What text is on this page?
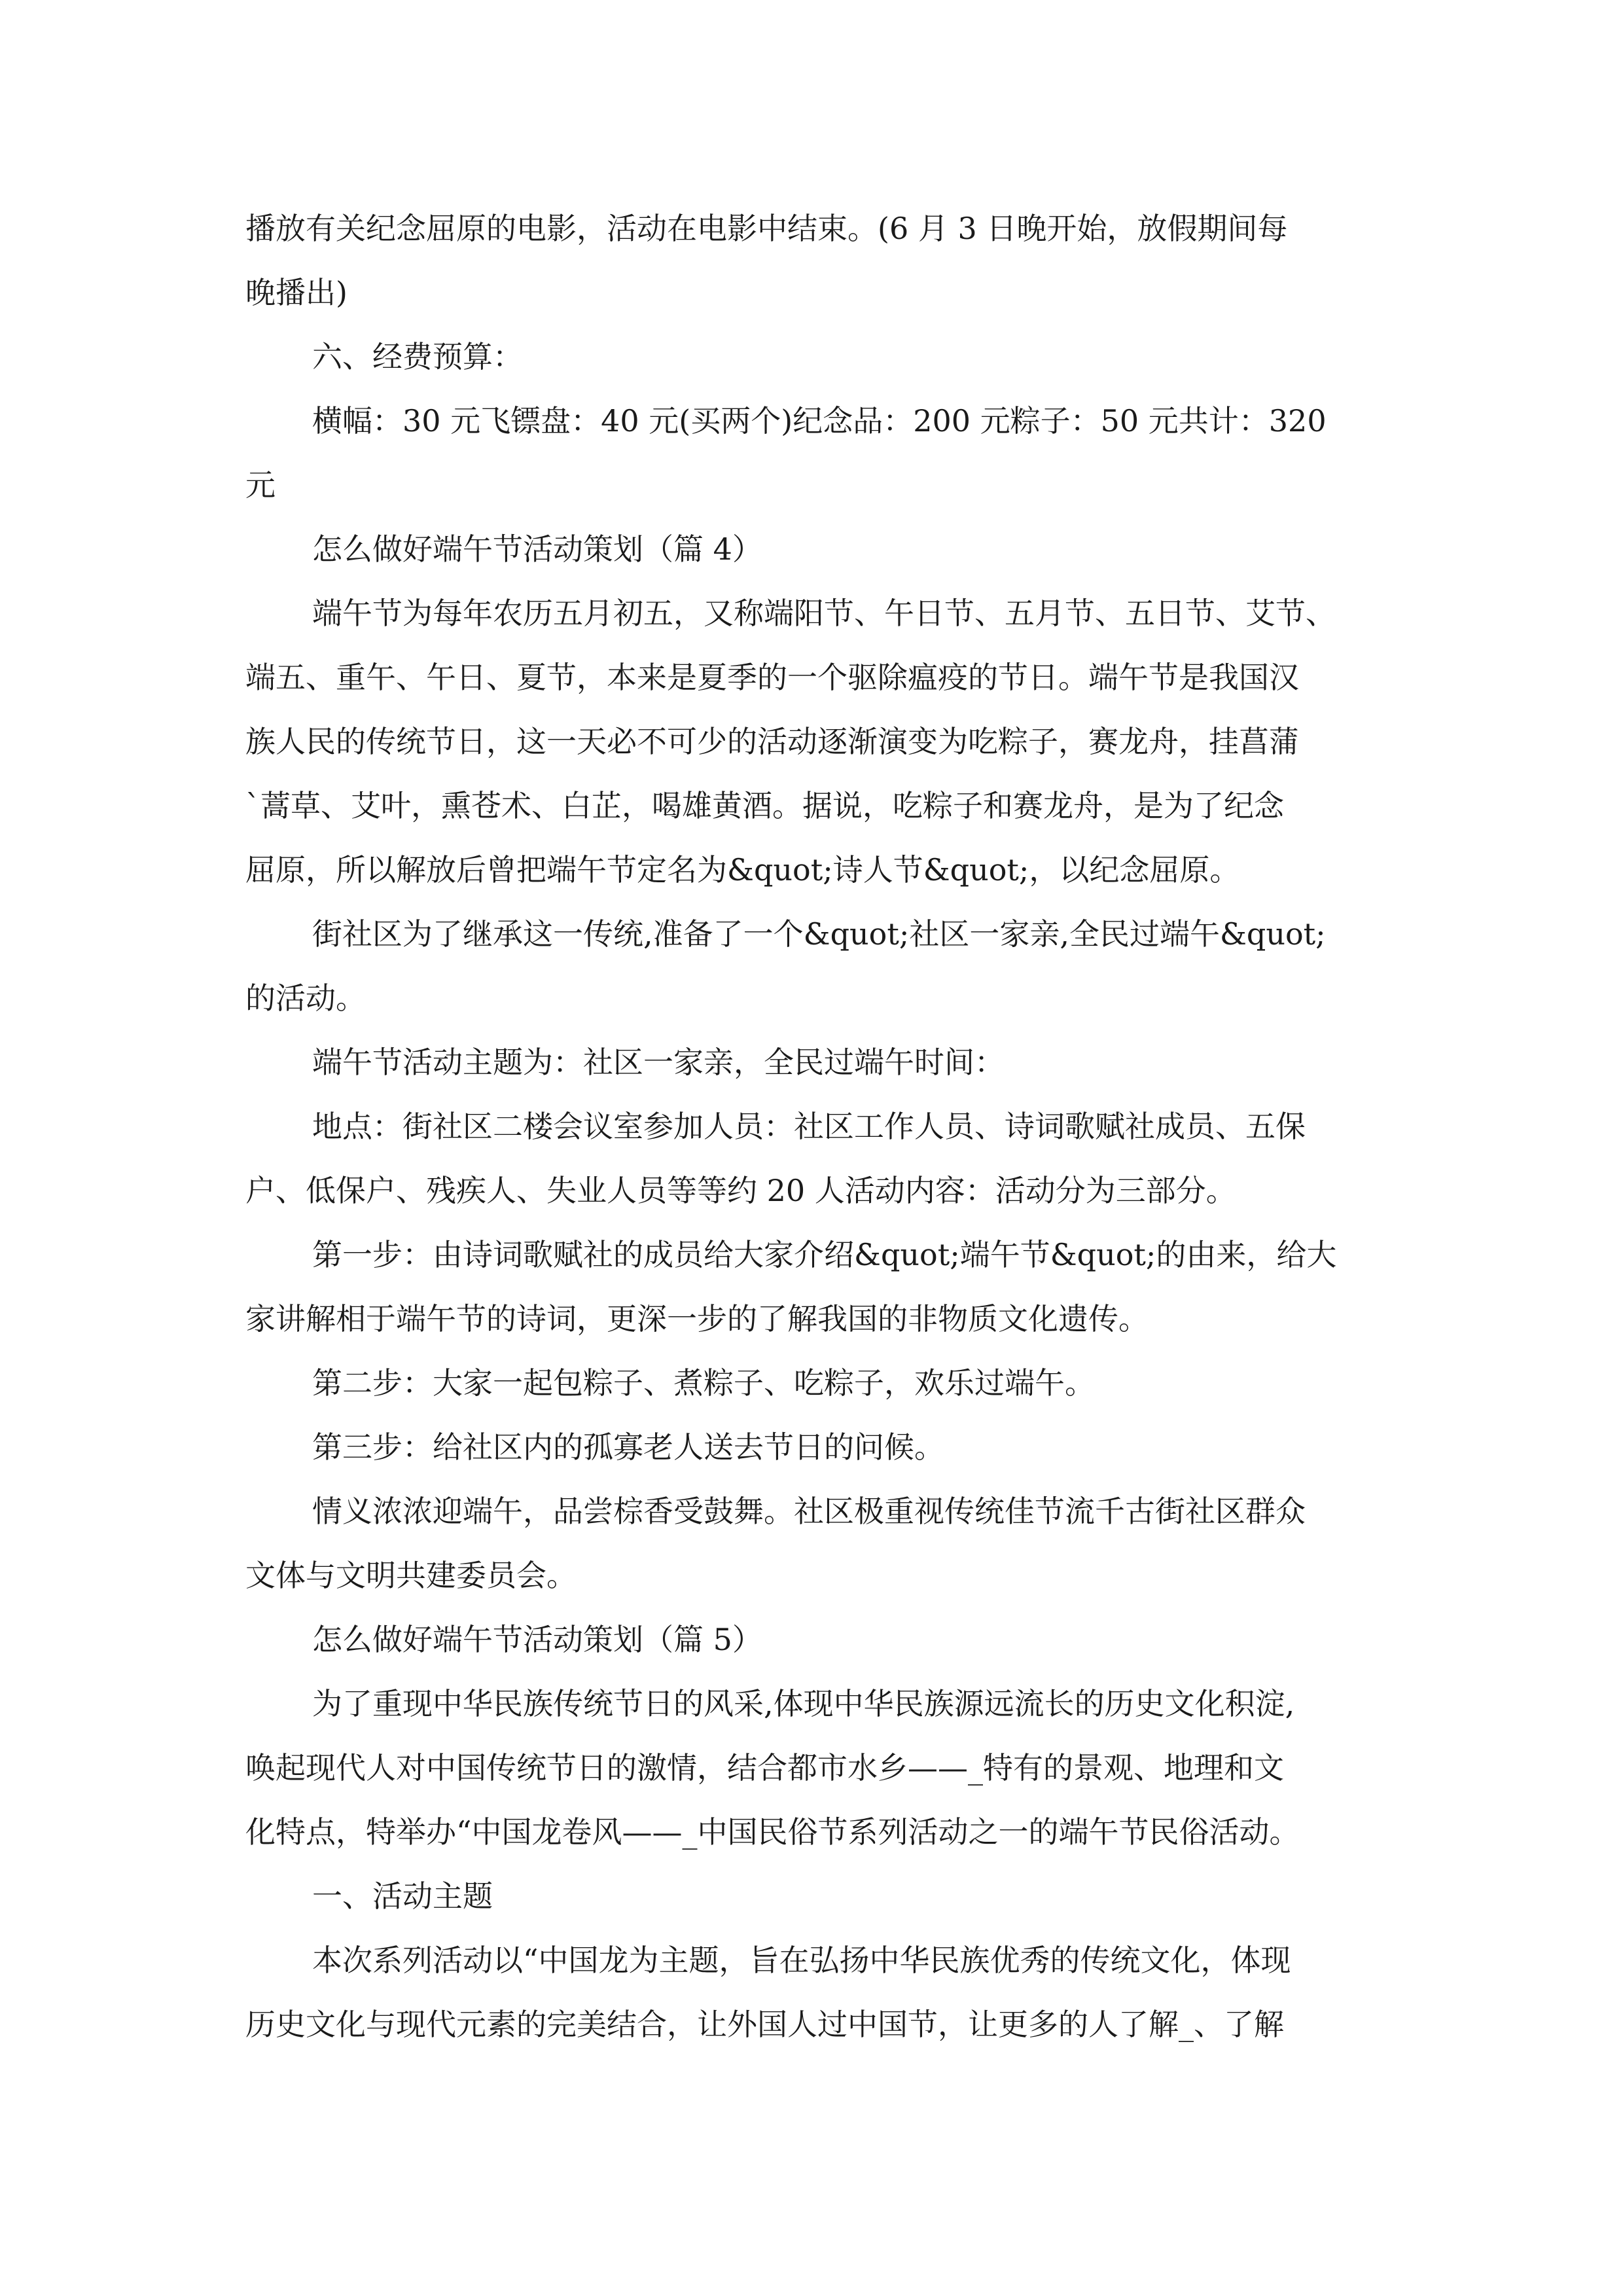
播放有关纪念屈原的电影，活动在电影中结束。(6 月 3 日晚开始，放假期间每
晚播出)
六、经费预算：
横幅：30 元飞镖盘：40 元(买两个)纪念品：200 元粽子：50 元共计：320
元
怎么做好端午节活动策划（篇 4）
端午节为每年农历五月初五，又称端阳节、午日节、五月节、五日节、艾节、
端五、重午、午日、夏节，本来是夏季的一个驱除瘟疫的节日。端午节是我国汉
族人民的传统节日，这一天必不可少的活动逐渐演变为吃粽子，赛龙舟，挂菖蒲
`蒿草、艾叶，熏苍术、白芷，喝雄黄酒。据说，吃粽子和赛龙舟，是为了纪念
屈原，所以解放后曾把端午节定名为&quot;诗人节&quot;，以纪念屈原。
街社区为了继承这一传统,准备了一个&quot;社区一家亲,全民过端午&quot;
的活动。
端午节活动主题为：社区一家亲，全民过端午时间：
地点：街社区二楼会议室参加人员：社区工作人员、诗词歌赋社成员、五保
户、低保户、残疾人、失业人员等等约 20 人活动内容：活动分为三部分。
第一步：由诗词歌赋社的成员给大家介绍&quot;端午节&quot;的由来，给大
家讲解相于端午节的诗词，更深一步的了解我国的非物质文化遗传。
第二步：大家一起包粽子、煮粽子、吃粽子，欢乐过端午。
第三步：给社区内的孤寡老人送去节日的问候。
情义浓浓迎端午，品尝棕香受鼓舞。社区极重视传统佳节流千古街社区群众
文体与文明共建委员会。
怎么做好端午节活动策划（篇 5）
为了重现中华民族传统节日的风采,体现中华民族源远流长的历史文化积淀,
唤起现代人对中国传统节日的激情，结合都市水乡——_特有的景观、地理和文
化特点，特举办“中国龙卷风——_中国民俗节系列活动之一的端午节民俗活动。
一、活动主题
本次系列活动以“中国龙为主题，旨在弘扬中华民族优秀的传统文化，体现
历史文化与现代元素的完美结合，让外国人过中国节，让更多的人了解_、了解
